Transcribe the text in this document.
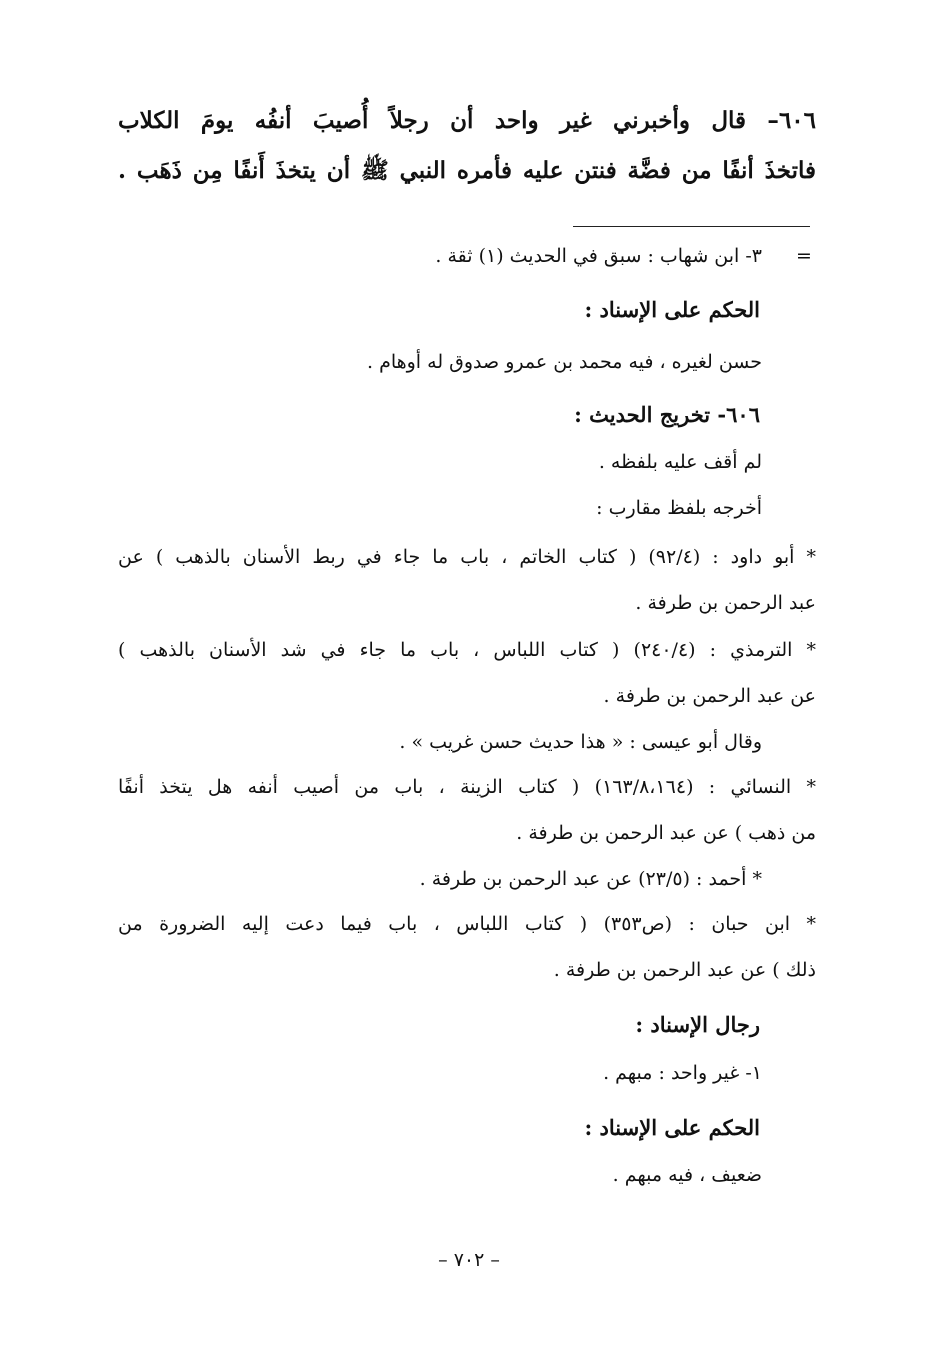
٦٠٦– قال وأخبرني غير واحد أن رجلاً أُصيبَ أنفُه يومَ الكلاب
فاتخذَ أنفًا من فضَّة فنتن عليه فأمره النبي ﷺ أن يتخذَ أَنفًا مِن ذَهَب .
=
٣- ابن شهاب : سبق في الحديث (١) ثقة .
الحكم على الإسناد :
حسن لغيره ، فيه محمد بن عمرو صدوق له أوهام .
٦٠٦- تخريج الحديث :
لم أقف عليه بلفظه .
أخرجه بلفظ مقارب :
* أبو داود : (٩٢/٤) ( كتاب الخاتم ، باب ما جاء في ربط الأسنان بالذهب ) عن
عبد الرحمن بن طرفة .
* الترمذي : (٢٤٠/٤) ( كتاب اللباس ، باب ما جاء في شد الأسنان بالذهب )
عن عبد الرحمن بن طرفة .
وقال أبو عيسى : « هذا حديث حسن غريب » .
* النسائي : (١٦٣/٨،١٦٤) ( كتاب الزينة ، باب من أصيب أنفه هل يتخذ أنفًا
من ذهب ) عن عبد الرحمن بن طرفة .
* أحمد : (٢٣/٥) عن عبد الرحمن بن طرفة .
* ابن حبان : (ص٣٥٣) ( كتاب اللباس ، باب فيما دعت إليه الضرورة من
ذلك ) عن عبد الرحمن بن طرفة .
رجال الإسناد :
١- غير واحد : مبهم .
الحكم على الإسناد :
ضعيف ، فيه مبهم .
– ٧٠٢ –
